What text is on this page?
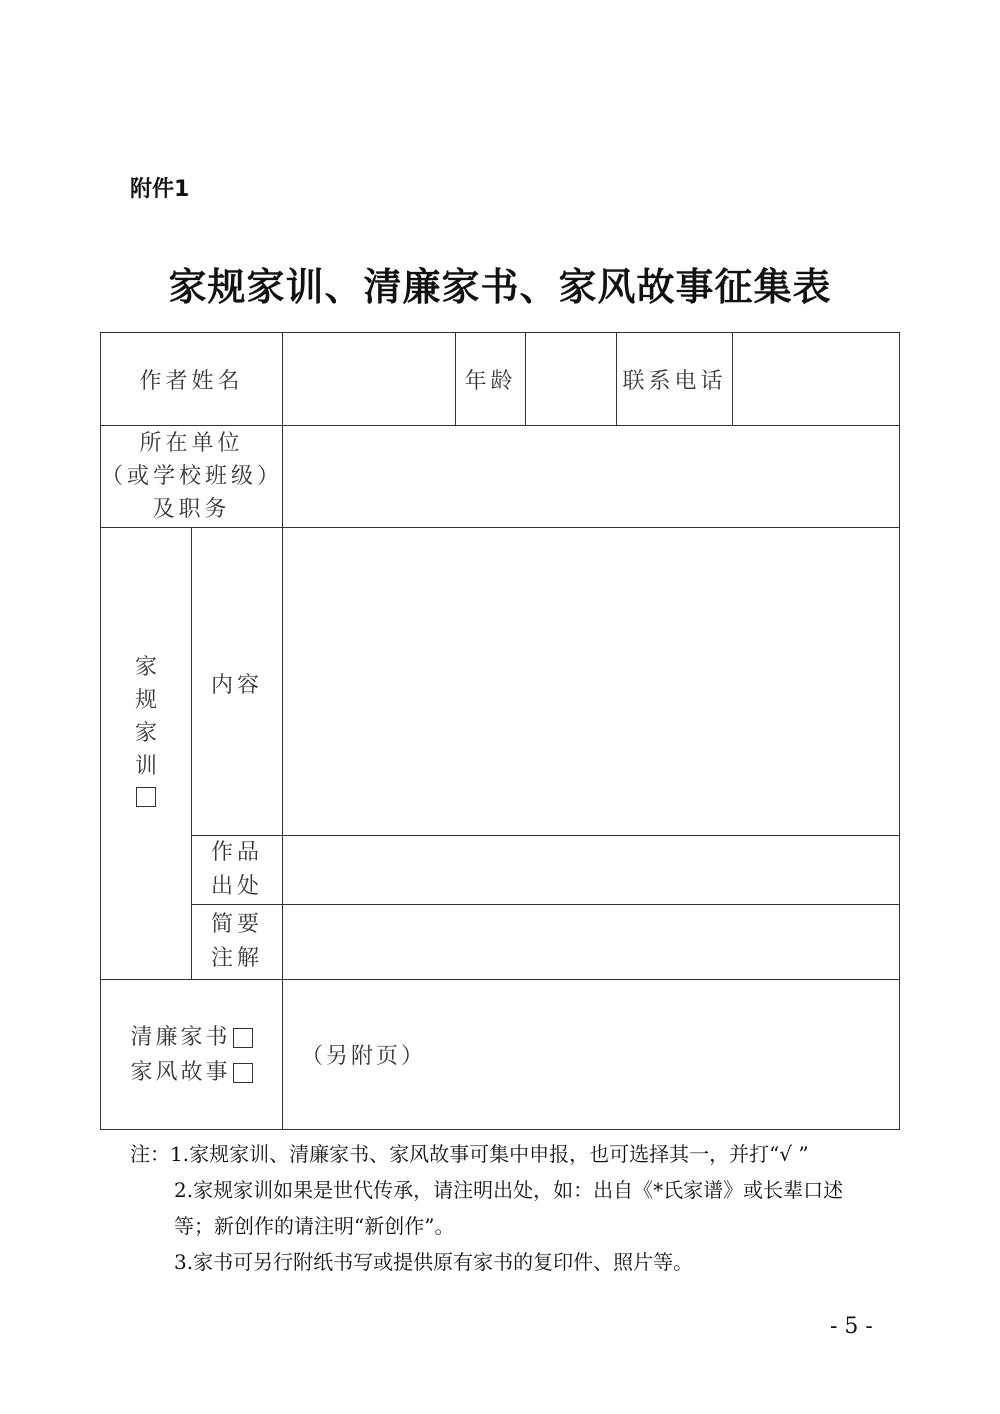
附件1
家规家训、清廉家书、家风故事征集表
作者姓名			年龄		联系电话	

所在单位
（或学校班级）
及职务						

家
规
家
训	内容					

	作品
出处					

	简要
注解					

清廉家书
家风故事		（另附页）				
注： 1.家规家训、清廉家书、家风故事可集中申报，也可选择其一，并打“√ ”
2.家规家训如果是世代传承，请注明出处，如：出自《*氏家谱》或长辈口述
等；新创作的请注明“新创作”。
3.家书可另行附纸书写或提供原有家书的复印件、照片等。
- 5 -
